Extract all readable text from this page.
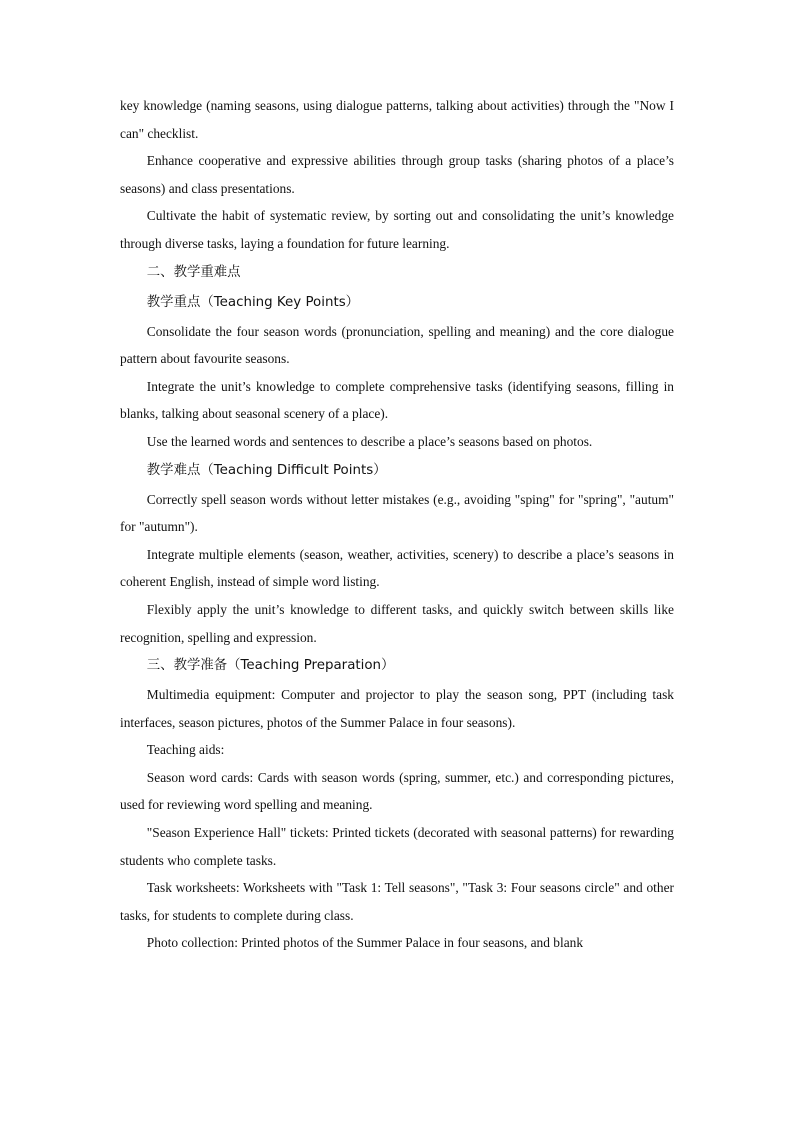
key knowledge (naming seasons, using dialogue patterns, talking about activities) through the "Now I can" checklist.

Enhance cooperative and expressive abilities through group tasks (sharing photos of a place’s seasons) and class presentations.

Cultivate the habit of systematic review, by sorting out and consolidating the unit’s knowledge through diverse tasks, laying a foundation for future learning.

二、教学重难点

教学重点（Teaching Key Points）

Consolidate the four season words (pronunciation, spelling and meaning) and the core dialogue pattern about favourite seasons.

Integrate the unit’s knowledge to complete comprehensive tasks (identifying seasons, filling in blanks, talking about seasonal scenery of a place).

Use the learned words and sentences to describe a place’s seasons based on photos.

教学难点（Teaching Difficult Points）

Correctly spell season words without letter mistakes (e.g., avoiding "sping" for "spring", "autum" for "autumn").

Integrate multiple elements (season, weather, activities, scenery) to describe a place’s seasons in coherent English, instead of simple word listing.

Flexibly apply the unit’s knowledge to different tasks, and quickly switch between skills like recognition, spelling and expression.

三、教学准备（Teaching Preparation）

Multimedia equipment: Computer and projector to play the season song, PPT (including task interfaces, season pictures, photos of the Summer Palace in four seasons).

Teaching aids:

Season word cards: Cards with season words (spring, summer, etc.) and corresponding pictures, used for reviewing word spelling and meaning.

"Season Experience Hall" tickets: Printed tickets (decorated with seasonal patterns) for rewarding students who complete tasks.

Task worksheets: Worksheets with "Task 1: Tell seasons", "Task 3: Four seasons circle" and other tasks, for students to complete during class.

Photo collection: Printed photos of the Summer Palace in four seasons, and blank
